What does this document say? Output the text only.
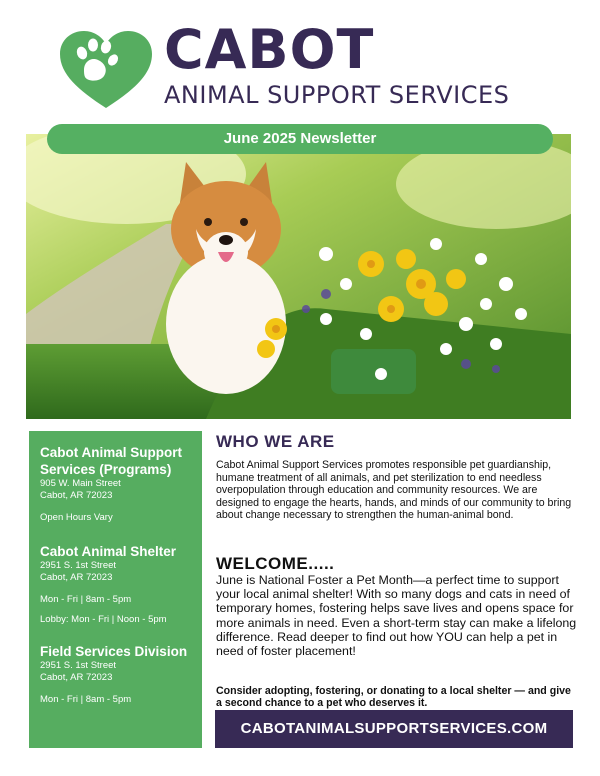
CABOT
ANIMAL SUPPORT SERVICES
June 2025 Newsletter
Cabot Animal Support Services (Programs)
905 W. Main Street
Cabot, AR 72023
Open Hours Vary
Cabot Animal Shelter
2951 S. 1st Street
Cabot, AR 72023
Mon - Fri | 8am - 5pm
Lobby: Mon - Fri | Noon - 5pm
Field Services Division
2951 S. 1st Street
Cabot, AR 72023
Mon - Fri | 8am - 5pm
WHO WE ARE

Cabot Animal Support Services promotes responsible pet guardianship, humane treatment of all animals, and pet sterilization to end needless overpopulation through education and community resources. We are designed to engage the hearts, hands, and minds of our community to bring about change necessary to strengthen the human-animal bond.

WELCOME.....

June is National Foster a Pet Month—a perfect time to support your local animal shelter! With so many dogs and cats in need of temporary homes, fostering helps save lives and opens space for more animals in need. Even a short-term stay can make a lifelong difference. Read deeper to find out how YOU can help a pet in need of foster placement!

Consider adopting, fostering, or donating to a local shelter — and give a second chance to a pet who deserves it.

CABOTANIMALSUPPORTSERVICES.COM
